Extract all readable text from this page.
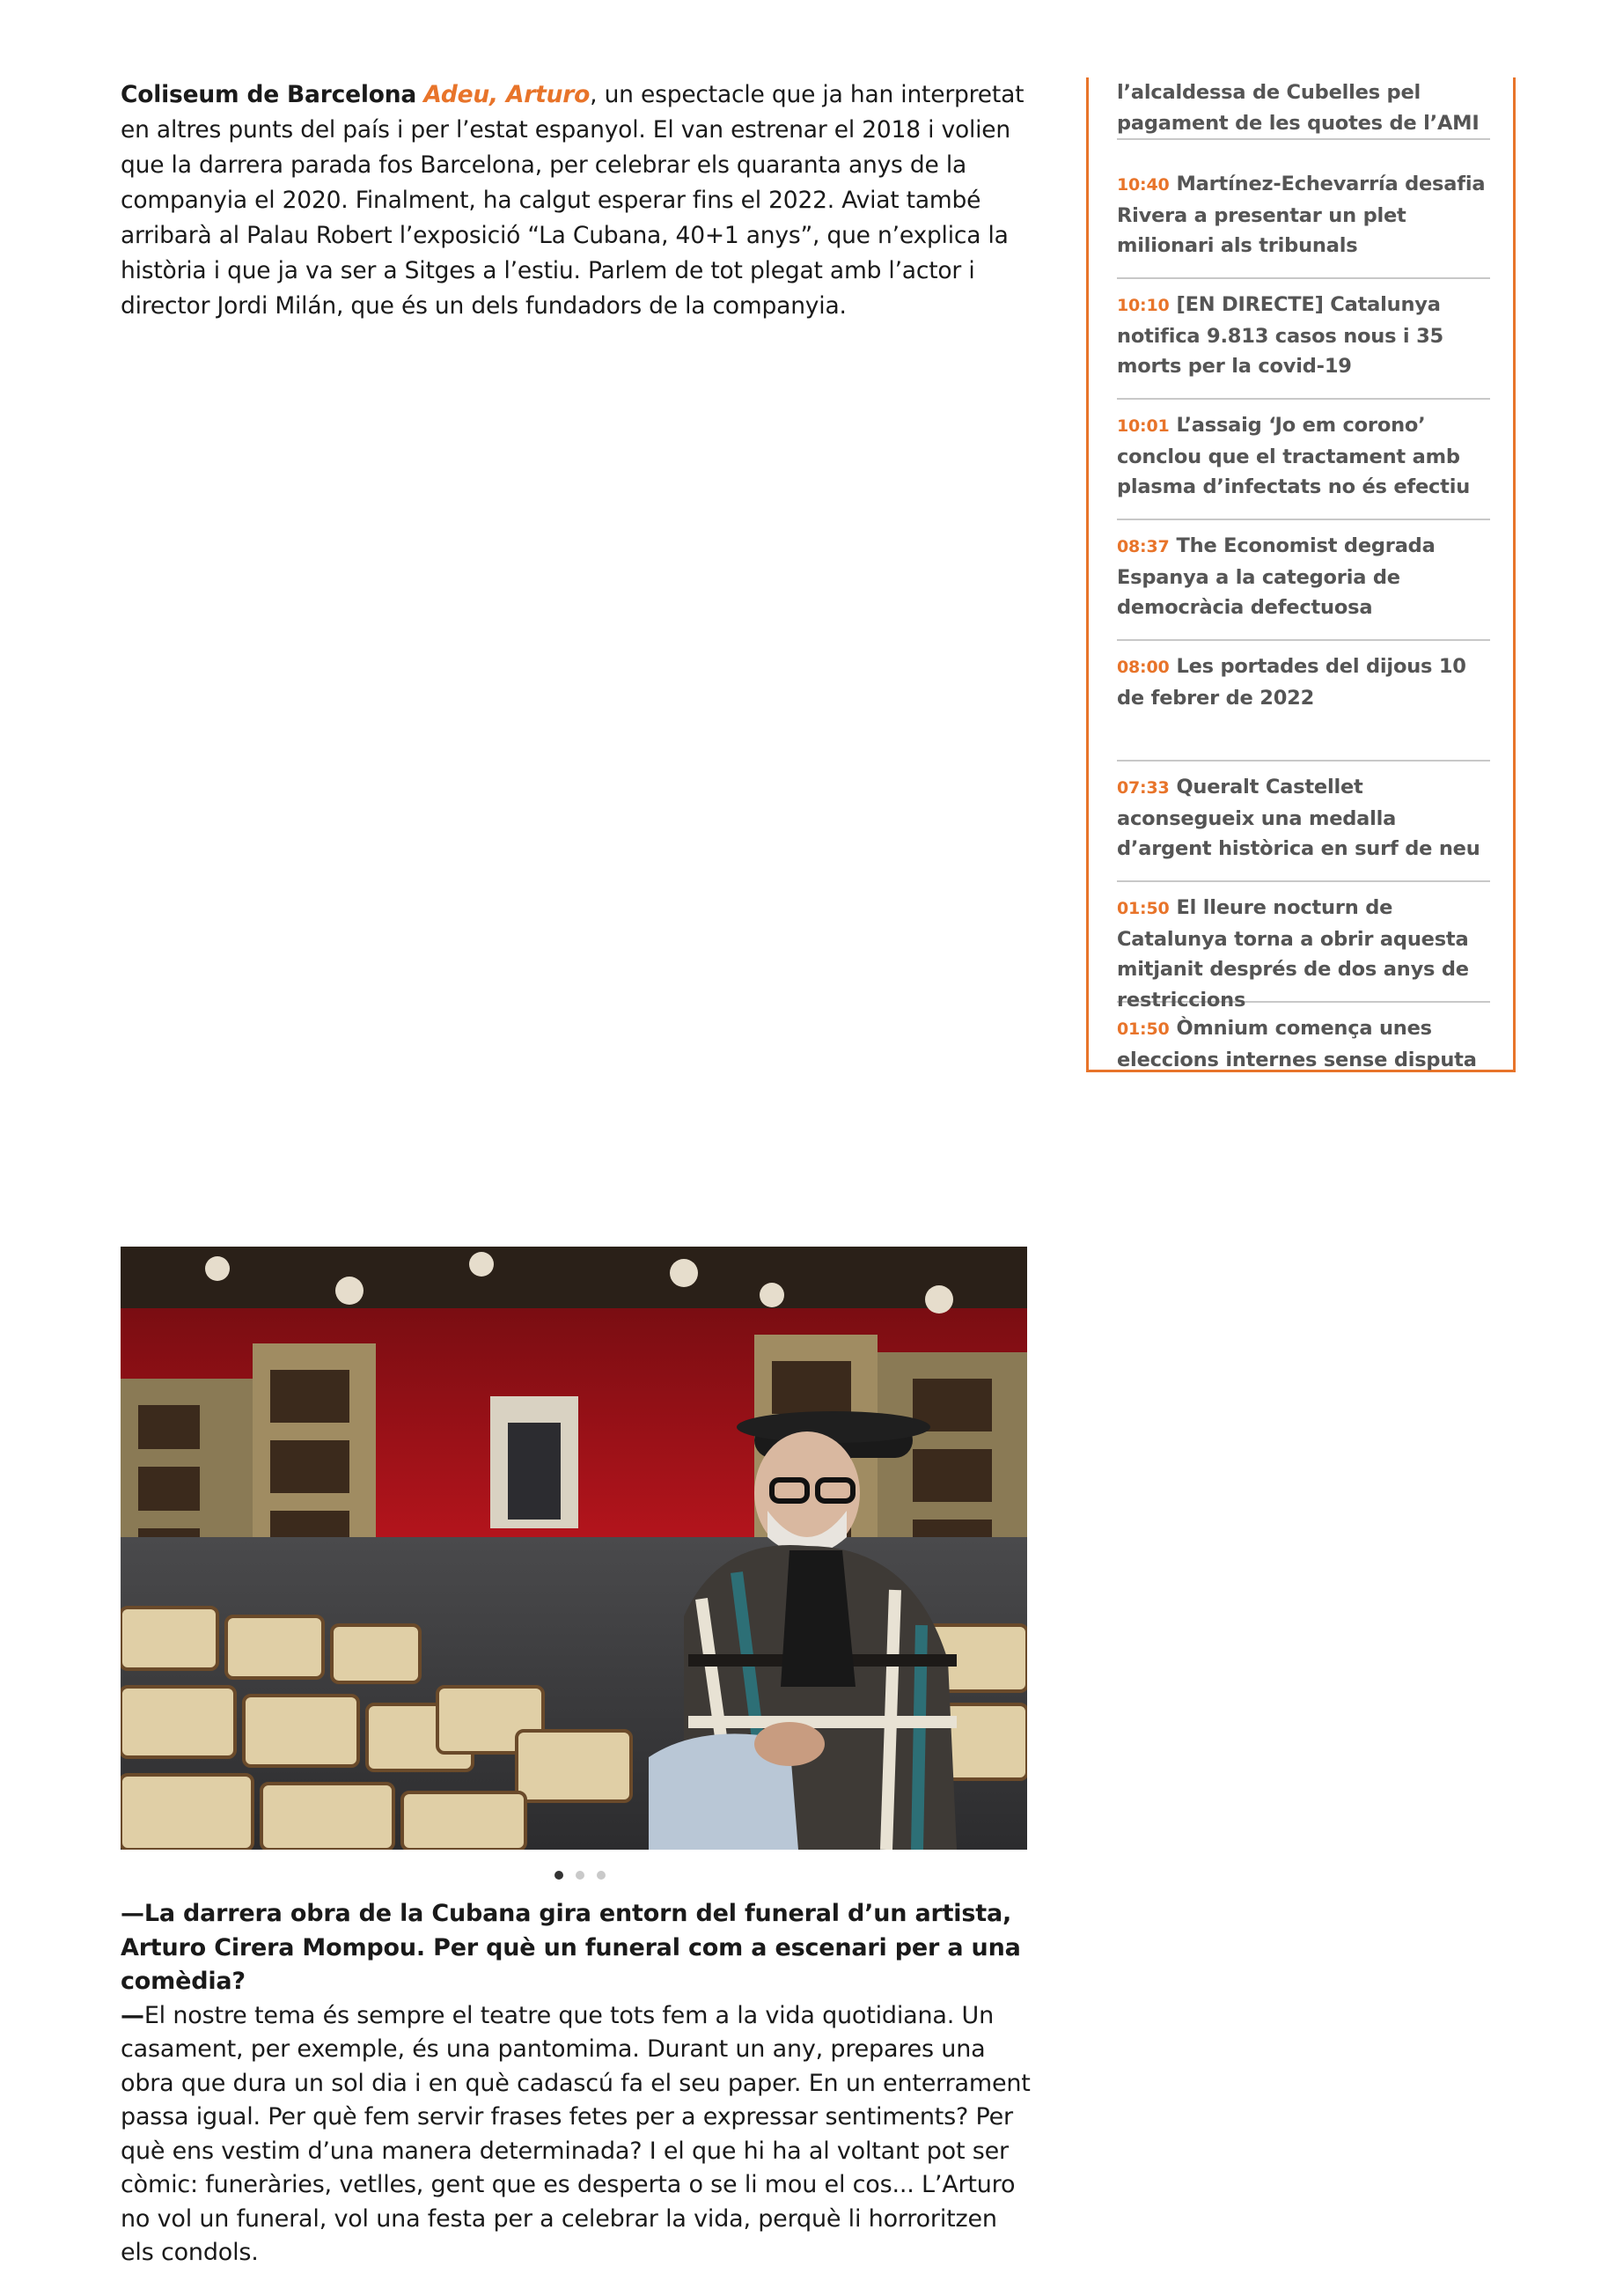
Coliseum de Barcelona Adeu, Arturo, un espectacle que ja han interpretat en altres punts del país i per l’estat espanyol. El van estrenar el 2018 i volien que la darrera parada fos Barcelona, per celebrar els quaranta anys de la companyia el 2020. Finalment, ha calgut esperar fins el 2022. Aviat també arribarà al Palau Robert l’exposició “La Cubana, 40+1 anys”, que n’explica la història i que ja va ser a Sitges a l’estiu. Parlem de tot plegat amb l’actor i director Jordi Milán, que és un dels fundadors de la companyia.

l’alcaldessa de Cubelles pel pagament de les quotes de l’AMI
10:40 Martínez-Echevarría desafia Rivera a presentar un plet milionari als tribunals
10:10 [EN DIRECTE] Catalunya notifica 9.813 casos nous i 35 morts per la covid-19
10:01 L’assaig ‘Jo em corono’ conclou que el tractament amb plasma d’infectats no és efectiu
08:37 The Economist degrada Espanya a la categoria de democràcia defectuosa
08:00 Les portades del dijous 10 de febrer de 2022
07:33 Queralt Castellet aconsegueix una medalla d’argent històrica en surf de neu
01:50 El lleure nocturn de Catalunya torna a obrir aquesta mitjanit després de dos anys de restriccions
01:50 Òmnium comença unes eleccions internes sense disputa

—La darrera obra de la Cubana gira entorn del funeral d’un artista, Arturo Cirera Mompou. Per què un funeral com a escenari per a una comèdia?

—El nostre tema és sempre el teatre que tots fem a la vida quotidiana. Un casament, per exemple, és una pantomima. Durant un any, prepares una obra que dura un sol dia i en què cadascú fa el seu paper. En un enterrament passa igual. Per què fem servir frases fetes per a expressar sentiments? Per què ens vestim d’una manera determinada? I el que hi ha al voltant pot ser còmic: funeràries, vetlles, gent que es desperta o se li mou el cos... L’Arturo no vol un funeral, vol una festa per a celebrar la vida, perquè li horroritzen els condols.
